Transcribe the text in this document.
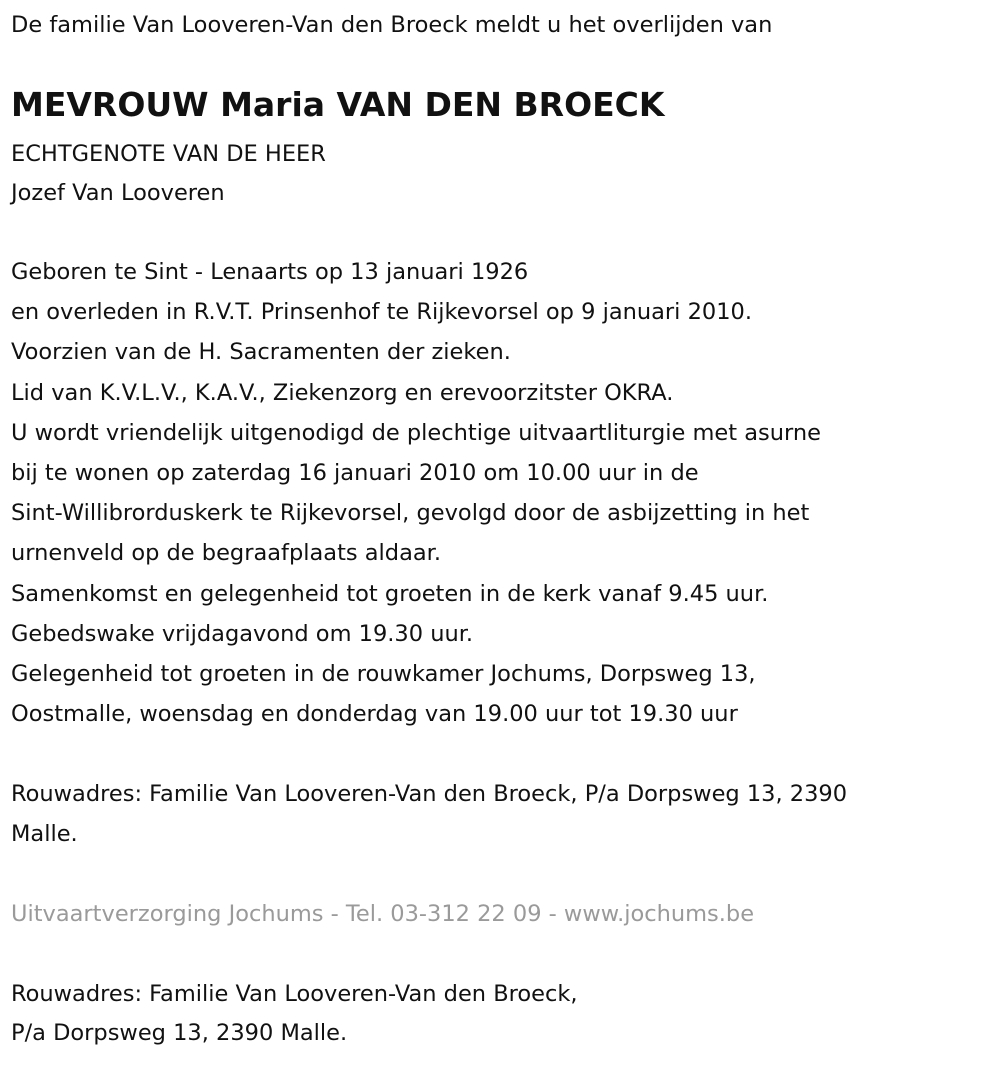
De familie Van Looveren-Van den Broeck meldt u het overlijden van
MEVROUW Maria VAN DEN BROECK
ECHTGENOTE VAN DE HEER
Jozef Van Looveren
Geboren te Sint - Lenaarts op 13 januari 1926
en overleden in R.V.T. Prinsenhof te Rijkevorsel op 9 januari 2010.
Voorzien van de H. Sacramenten der zieken.
Lid van K.V.L.V., K.A.V., Ziekenzorg en erevoorzitster OKRA.
U wordt vriendelijk uitgenodigd de plechtige uitvaartliturgie met asurne
bij te wonen op zaterdag 16 januari 2010 om 10.00 uur in de
Sint-Willibrorduskerk te Rijkevorsel, gevolgd door de asbijzetting in het
urnenveld op de begraafplaats aldaar.
Samenkomst en gelegenheid tot groeten in de kerk vanaf 9.45 uur.
Gebedswake vrijdagavond om 19.30 uur.
Gelegenheid tot groeten in de rouwkamer Jochums, Dorpsweg 13,
Oostmalle, woensdag en donderdag van 19.00 uur tot 19.30 uur
Rouwadres: Familie Van Looveren-Van den Broeck, P/a Dorpsweg 13, 2390
Malle.
Uitvaartverzorging Jochums - Tel. 03-312 22 09 - www.jochums.be
Rouwadres: Familie Van Looveren-Van den Broeck,
P/a Dorpsweg 13, 2390 Malle.
